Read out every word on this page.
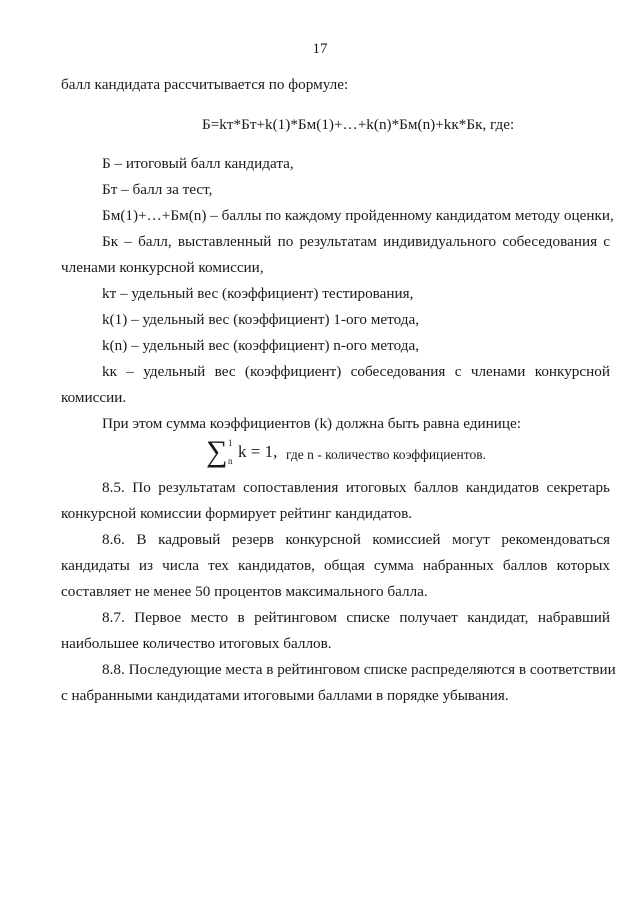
17
балл кандидата рассчитывается по формуле:
Б=kт*Бт+k(1)*Бм(1)+…+k(n)*Бм(n)+kк*Бк, где:
Б – итоговый балл кандидата,
Бт – балл за тест,
Бм(1)+…+Бм(n) – баллы по каждому пройденному кандидатом методу оценки,
Бк – балл, выставленный по результатам индивидуального собеседования с
членами конкурсной комиссии,
kт – удельный вес (коэффициент) тестирования,
k(1) – удельный вес (коэффициент) 1-ого метода,
k(n) – удельный вес (коэффициент) n-ого метода,
kк – удельный вес (коэффициент) собеседования с членами конкурсной
комиссии.
При этом сумма коэффициентов (k) должна быть равна единице:
∑ 1
n k = 1, где n - количество коэффициентов.
8.5. По результатам сопоставления итоговых баллов кандидатов секретарь
конкурсной комиссии формирует рейтинг кандидатов.
8.6. В кадровый резерв конкурсной комиссией могут рекомендоваться
кандидаты из числа тех кандидатов, общая сумма набранных баллов которых
составляет не менее 50 процентов максимального балла.
8.7. Первое место в рейтинговом списке получает кандидат, набравший
наибольшее количество итоговых баллов.
8.8. Последующие места в рейтинговом списке распределяются в соответствии
с набранными кандидатами итоговыми баллами в порядке убывания.
